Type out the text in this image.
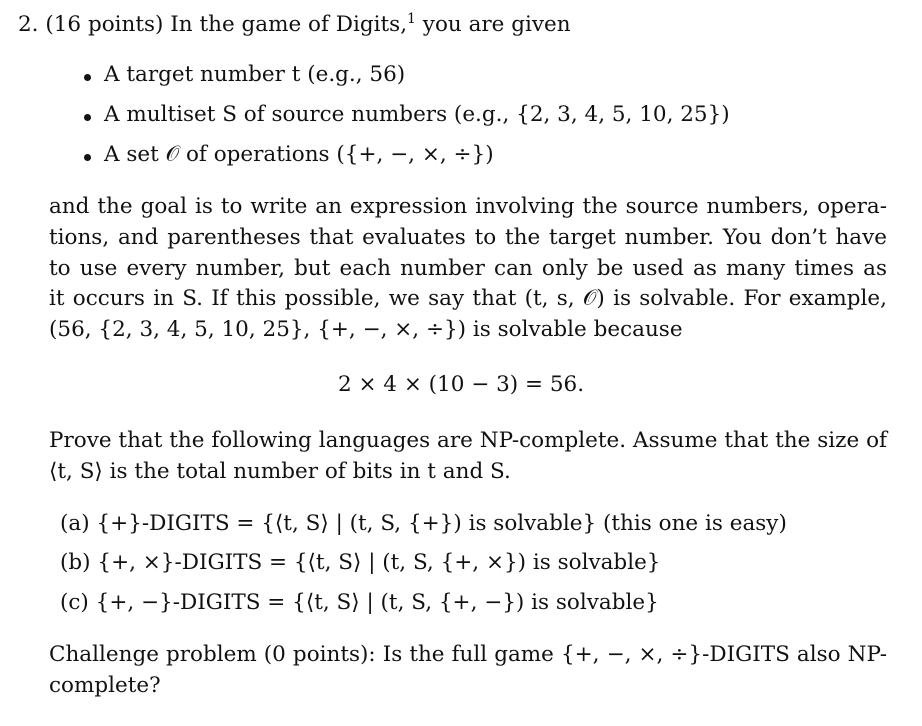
2. (16 points) In the game of Digits,$^1$ you are given
A target number t (e.g., 56)
A multiset S of source numbers (e.g., {2, 3, 4, 5, 10, 25})
A set 𝒪 of operations ({+, −, ×, ÷})
and the goal is to write an expression involving the source numbers, opera-
tions, and parentheses that evaluates to the target number. You don’t have
to use every number, but each number can only be used as many times as
it occurs in S. If this possible, we say that (t, s, 𝒪) is solvable. For example,
(56, {2, 3, 4, 5, 10, 25}, {+, −, ×, ÷}) is solvable because
2 × 4 × (10 − 3) = 56.
Prove that the following languages are NP-complete. Assume that the size of
⟨t, S⟩ is the total number of bits in t and S.
(a) {+}-DIGITS = {⟨t, S⟩ | (t, S, {+}) is solvable} (this one is easy)
(b) {+, ×}-DIGITS = {⟨t, S⟩ | (t, S, {+, ×}) is solvable}
(c) {+, −}-DIGITS = {⟨t, S⟩ | (t, S, {+, −}) is solvable}
Challenge problem (0 points): Is the full game {+, −, ×, ÷}-DIGITS also NP-
complete?
